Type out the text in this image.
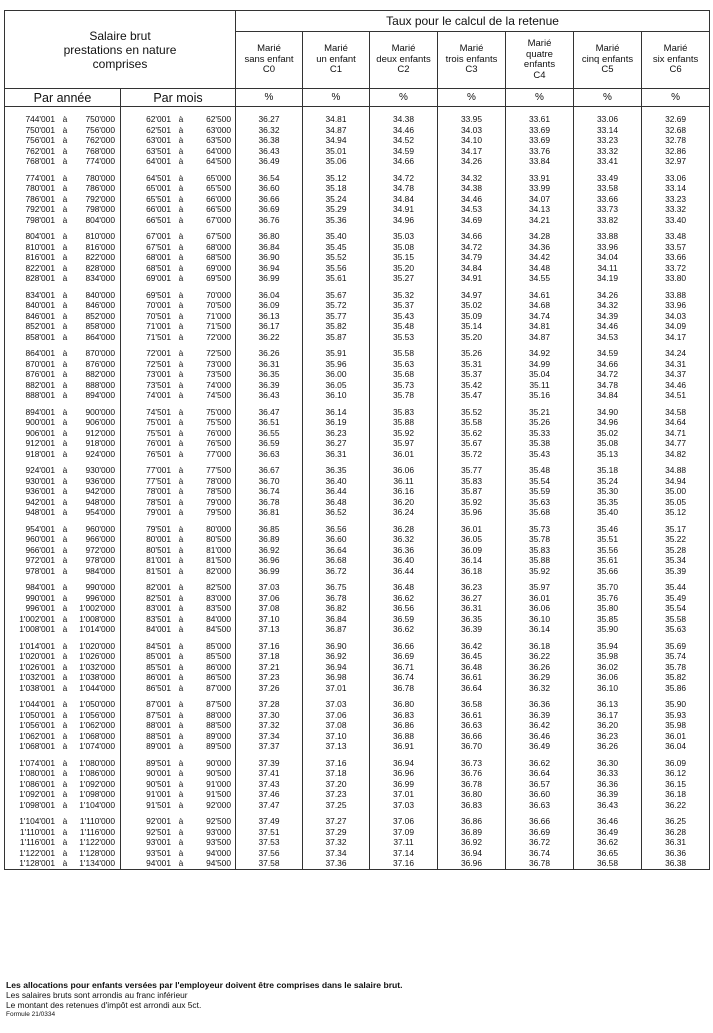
Salaire brut
prestations en nature
comprises		Taux pour le calcul de la retenue						
		Marié
sans enfant
C0	Marié
un enfant
C1	Marié
deux enfants
C2	Marié
trois enfants
C3	Marié
quatre
enfants
C4	Marié
cinq enfants
C5	Marié
six enfants
C6
Par année	Par mois	%	%	%	%	%	%	%

744'001 à 750'000	62'001 à 62'500	36.27	34.81	34.38	33.95	33.61	33.06	32.69
750'001 à 756'000	62'501 à 63'000	36.32	34.87	34.46	34.03	33.69	33.14	32.68
756'001 à 762'000	63'001 à 63'500	36.38	34.94	34.52	34.10	33.69	33.23	32.78
762'001 à 768'000	63'501 à 64'000	36.43	35.01	34.59	34.17	33.76	33.32	32.86
768'001 à 774'000	64'001 à 64'500	36.49	35.06	34.66	34.26	33.84	33.41	32.97

774'001 à 780'000	64'501 à 65'000	36.54	35.12	34.72	34.32	33.91	33.49	33.06
780'001 à 786'000	65'001 à 65'500	36.60	35.18	34.78	34.38	33.99	33.58	33.14
786'001 à 792'000	65'501 à 66'000	36.66	35.24	34.84	34.46	34.07	33.66	33.23
792'001 à 798'000	66'001 à 66'500	36.69	35.29	34.91	34.53	34.13	33.73	33.32
798'001 à 804'000	66'501 à 67'000	36.76	35.36	34.96	34.69	34.21	33.82	33.40

804'001 à 810'000	67'001 à 67'500	36.80	35.40	35.03	34.66	34.28	33.88	33.48
810'001 à 816'000	67'501 à 68'000	36.84	35.45	35.08	34.72	34.36	33.96	33.57
816'001 à 822'000	68'001 à 68'500	36.90	35.52	35.15	34.79	34.42	34.04	33.66
822'001 à 828'000	68'501 à 69'000	36.94	35.56	35.20	34.84	34.48	34.11	33.72
828'001 à 834'000	69'001 à 69'500	36.99	35.61	35.27	34.91	34.55	34.19	33.80

834'001 à 840'000	69'501 à 70'000	36.04	35.67	35.32	34.97	34.61	34.26	33.88
840'001 à 846'000	70'001 à 70'500	36.09	35.72	35.37	35.02	34.68	34.32	33.96
846'001 à 852'000	70'501 à 71'000	36.13	35.77	35.43	35.09	34.74	34.39	34.03
852'001 à 858'000	71'001 à 71'500	36.17	35.82	35.48	35.14	34.81	34.46	34.09
858'001 à 864'000	71'501 à 72'000	36.22	35.87	35.53	35.20	34.87	34.53	34.17

864'001 à 870'000	72'001 à 72'500	36.26	35.91	35.58	35.26	34.92	34.59	34.24
870'001 à 876'000	72'501 à 73'000	36.31	35.96	35.63	35.31	34.99	34.66	34.31
876'001 à 882'000	73'001 à 73'500	36.35	36.00	35.68	35.37	35.04	34.72	34.37
882'001 à 888'000	73'501 à 74'000	36.39	36.05	35.73	35.42	35.11	34.78	34.46
888'001 à 894'000	74'001 à 74'500	36.43	36.10	35.78	35.47	35.16	34.84	34.51

894'001 à 900'000	74'501 à 75'000	36.47	36.14	35.83	35.52	35.21	34.90	34.58
900'001 à 906'000	75'001 à 75'500	36.51	36.19	35.88	35.58	35.26	34.96	34.64
906'001 à 912'000	75'501 à 76'000	36.55	36.23	35.92	35.62	35.33	35.02	34.71
912'001 à 918'000	76'001 à 76'500	36.59	36.27	35.97	35.67	35.38	35.08	34.77
918'001 à 924'000	76'501 à 77'000	36.63	36.31	36.01	35.72	35.43	35.13	34.82

924'001 à 930'000	77'001 à 77'500	36.67	36.35	36.06	35.77	35.48	35.18	34.88
930'001 à 936'000	77'501 à 78'000	36.70	36.40	36.11	35.83	35.54	35.24	34.94
936'001 à 942'000	78'001 à 78'500	36.74	36.44	36.16	35.87	35.59	35.30	35.00
942'001 à 948'000	78'501 à 79'000	36.78	36.48	36.20	35.92	35.63	35.35	35.05
948'001 à 954'000	79'001 à 79'500	36.81	36.52	36.24	35.96	35.68	35.40	35.12

954'001 à 960'000	79'501 à 80'000	36.85	36.56	36.28	36.01	35.73	35.46	35.17
960'001 à 966'000	80'001 à 80'500	36.89	36.60	36.32	36.05	35.78	35.51	35.22
966'001 à 972'000	80'501 à 81'000	36.92	36.64	36.36	36.09	35.83	35.56	35.28
972'001 à 978'000	81'001 à 81'500	36.96	36.68	36.40	36.14	35.88	35.61	35.34
978'001 à 984'000	81'501 à 82'000	36.99	36.72	36.44	36.18	35.92	35.66	35.39

984'001 à 990'000	82'001 à 82'500	37.03	36.75	36.48	36.23	35.97	35.70	35.44
990'001 à 996'000	82'501 à 83'000	37.06	36.78	36.62	36.27	36.01	35.76	35.49
996'001 à 1'002'000	83'001 à 83'500	37.08	36.82	36.56	36.31	36.06	35.80	35.54
1'002'001 à 1'008'000	83'501 à 84'000	37.10	36.84	36.59	36.35	36.10	35.85	35.58
1'008'001 à 1'014'000	84'001 à 84'500	37.13	36.87	36.62	36.39	36.14	35.90	35.63

1'014'001 à 1'020'000	84'501 à 85'000	37.16	36.90	36.66	36.42	36.18	35.94	35.69
1'020'001 à 1'026'000	85'001 à 85'500	37.18	36.92	36.69	36.45	36.22	35.98	35.74
1'026'001 à 1'032'000	85'501 à 86'000	37.21	36.94	36.71	36.48	36.26	36.02	35.78
1'032'001 à 1'038'000	86'001 à 86'500	37.23	36.98	36.74	36.61	36.29	36.06	35.82
1'038'001 à 1'044'000	86'501 à 87'000	37.26	37.01	36.78	36.64	36.32	36.10	35.86

1'044'001 à 1'050'000	87'001 à 87'500	37.28	37.03	36.80	36.58	36.36	36.13	35.90
1'050'001 à 1'056'000	87'501 à 88'000	37.30	37.06	36.83	36.61	36.39	36.17	35.93
1'056'001 à 1'062'000	88'001 à 88'500	37.32	37.08	36.86	36.63	36.42	36.20	35.98
1'062'001 à 1'068'000	88'501 à 89'000	37.34	37.10	36.88	36.66	36.46	36.23	36.01
1'068'001 à 1'074'000	89'001 à 89'500	37.37	37.13	36.91	36.70	36.49	36.26	36.04

1'074'001 à 1'080'000	89'501 à 90'000	37.39	37.16	36.94	36.73	36.62	36.30	36.09
1'080'001 à 1'086'000	90'001 à 90'500	37.41	37.18	36.96	36.76	36.64	36.33	36.12
1'086'001 à 1'092'000	90'501 à 91'000	37.43	37.20	36.99	36.78	36.57	36.36	36.15
1'092'001 à 1'098'000	91'001 à 91'500	37.46	37.23	37.01	36.80	36.60	36.39	36.18
1'098'001 à 1'104'000	91'501 à 92'000	37.47	37.25	37.03	36.83	36.63	36.43	36.22

1'104'001 à 1'110'000	92'001 à 92'500	37.49	37.27	37.06	36.86	36.66	36.46	36.25
1'110'001 à 1'116'000	92'501 à 93'000	37.51	37.29	37.09	36.89	36.69	36.49	36.28
1'116'001 à 1'122'000	93'001 à 93'500	37.53	37.32	37.11	36.92	36.72	36.62	36.31
1'122'001 à 1'128'000	93'501 à 94'000	37.56	37.34	37.14	36.94	36.74	36.65	36.36
1'128'001 à 1'134'000	94'001 à 94'500	37.58	37.36	37.16	36.96	36.78	36.58	36.38
Les allocations pour enfants versées par l'employeur doivent être comprises dans le salaire brut.
Les salaires bruts sont arrondis au franc inférieur
Le montant des retenues d'impôt est arrondi aux 5ct.
Formule 21/0334
